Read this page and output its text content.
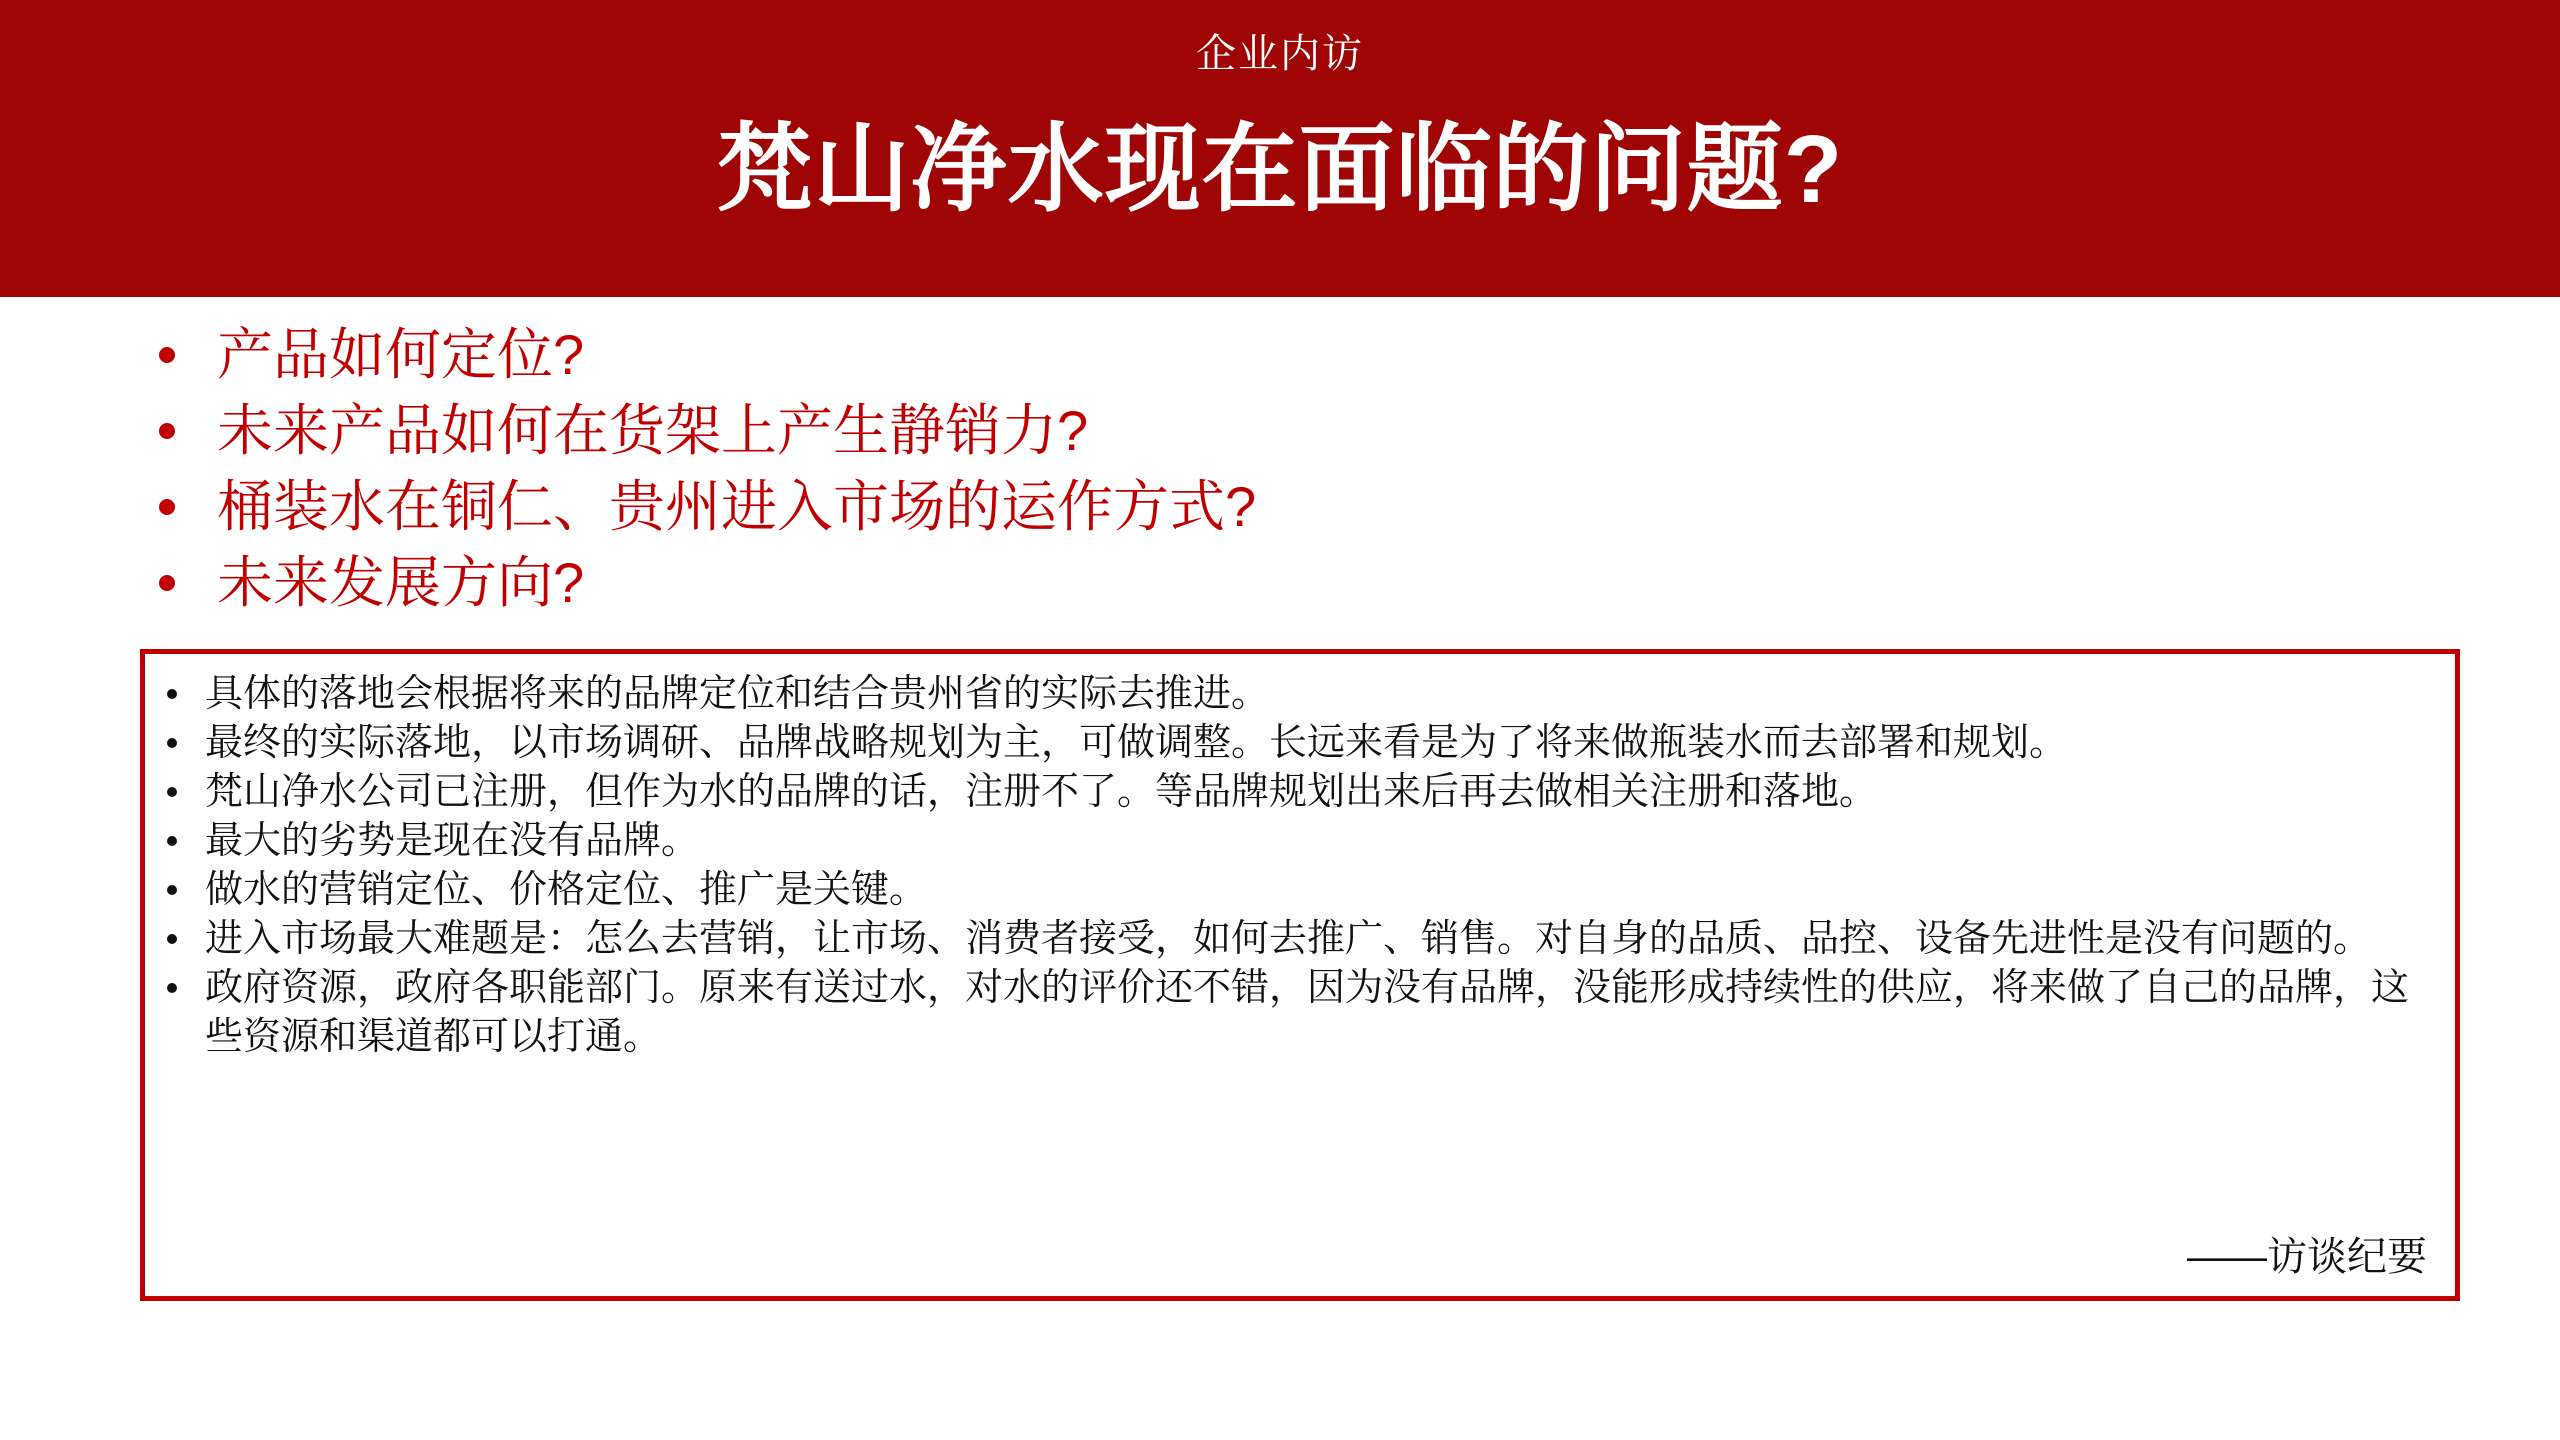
企业内访
梵山净水现在面临的问题?
产品如何定位?
未来产品如何在货架上产生静销力?
桶装水在铜仁、贵州进入市场的运作方式?
未来发展方向?
具体的落地会根据将来的品牌定位和结合贵州省的实际去推进。
最终的实际落地，以市场调研、品牌战略规划为主，可做调整。长远来看是为了将来做瓶装水而去部署和规划。
梵山净水公司已注册，但作为水的品牌的话，注册不了。等品牌规划出来后再去做相关注册和落地。
最大的劣势是现在没有品牌。
做水的营销定位、价格定位、推广是关键。
进入市场最大难题是：怎么去营销，让市场、消费者接受，如何去推广、销售。对自身的品质、品控、设备先进性是没有问题的。
政府资源，政府各职能部门。原来有送过水，对水的评价还不错，因为没有品牌，没能形成持续性的供应，将来做了自己的品牌，这些资源和渠道都可以打通。
——访谈纪要
